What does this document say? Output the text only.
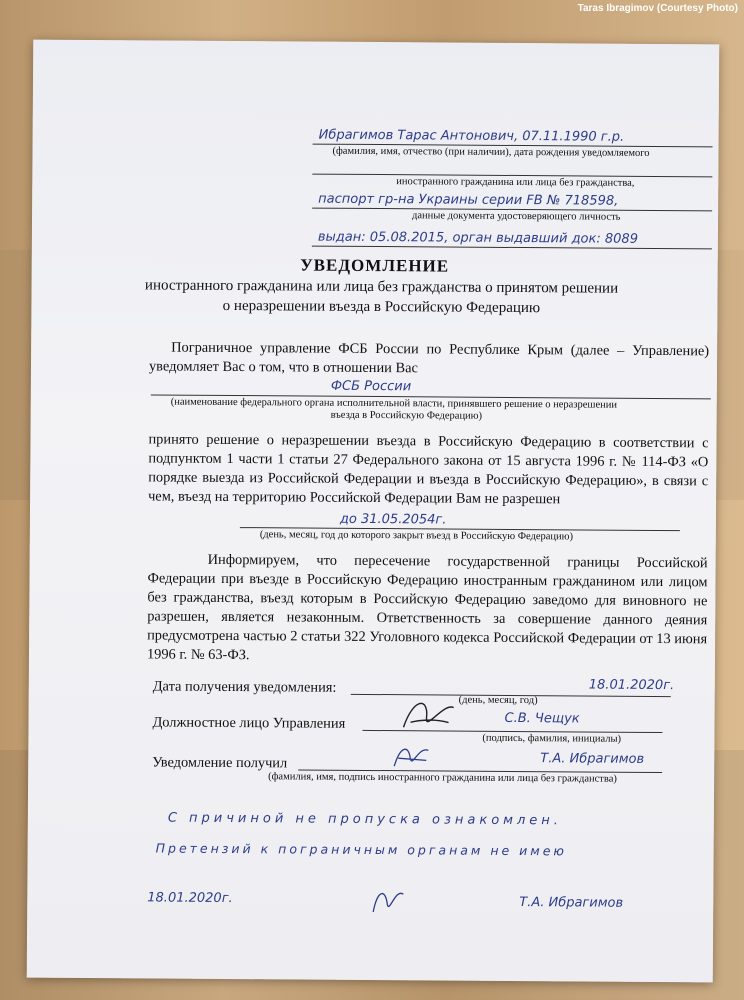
Taras Ibragimov (Courtesy Photo)
Ибрагимов Тарас Антонович, 07.11.1990 г.р.
(фамилия, имя, отчество (при наличии), дата рождения уведомляемого
иностранного гражданина или лица без гражданства,
паспорт гр-на Украины серии FВ № 718598,
данные документа удостоверяющего личность
выдан: 05.08.2015, орган выдавший док: 8089
УВЕДОМЛЕНИЕ
иностранного гражданина или лица без гражданства о принятом решении
о неразрешении въезда в Российскую Федерацию
Пограничное управление ФСБ России по Республике Крым (далее – Управление) уведомляет Вас о том, что в отношении Вас
ФСБ России
(наименование федерального органа исполнительной власти, принявшего решение о неразрешении
въезда в Российскую Федерацию)
принято решение о неразрешении въезда в Российскую Федерацию в соответствии с подпунктом 1 части 1 статьи 27 Федерального закона от 15 августа 1996 г. № 114-ФЗ «О порядке выезда из Российской Федерации и въезда в Российскую Федерацию», в связи с чем, въезд на территорию Российской Федерации Вам не разрешен
до 31.05.2054г.
(день, месяц, год до которого закрыт въезд в Российскую Федерацию)
Информируем, что пересечение государственной границы Российской Федерации при въезде в Российскую Федерацию иностранным гражданином или лицом без гражданства, въезд которым в Российскую Федерацию заведомо для виновного не разрешен, является незаконным. Ответственность за совершение данного деяния предусмотрена частью 2 статьи 322 Уголовного кодекса Российской Федерации от 13 июня 1996 г. № 63-ФЗ.
Дата получения уведомления:	18.01.2020г.
(день, месяц, год)
Должностное лицо Управления	С.В. Чещук
(подпись, фамилия, инициалы)
Уведомление получил	Т.А. Ибрагимов
(фамилия, имя, подпись иностранного гражданина или лица без гражданства)
С причиной не пропуска ознакомлен.
Претензий к пограничным органам не имею
18.01.2020г.	Т.А. Ибрагимов
